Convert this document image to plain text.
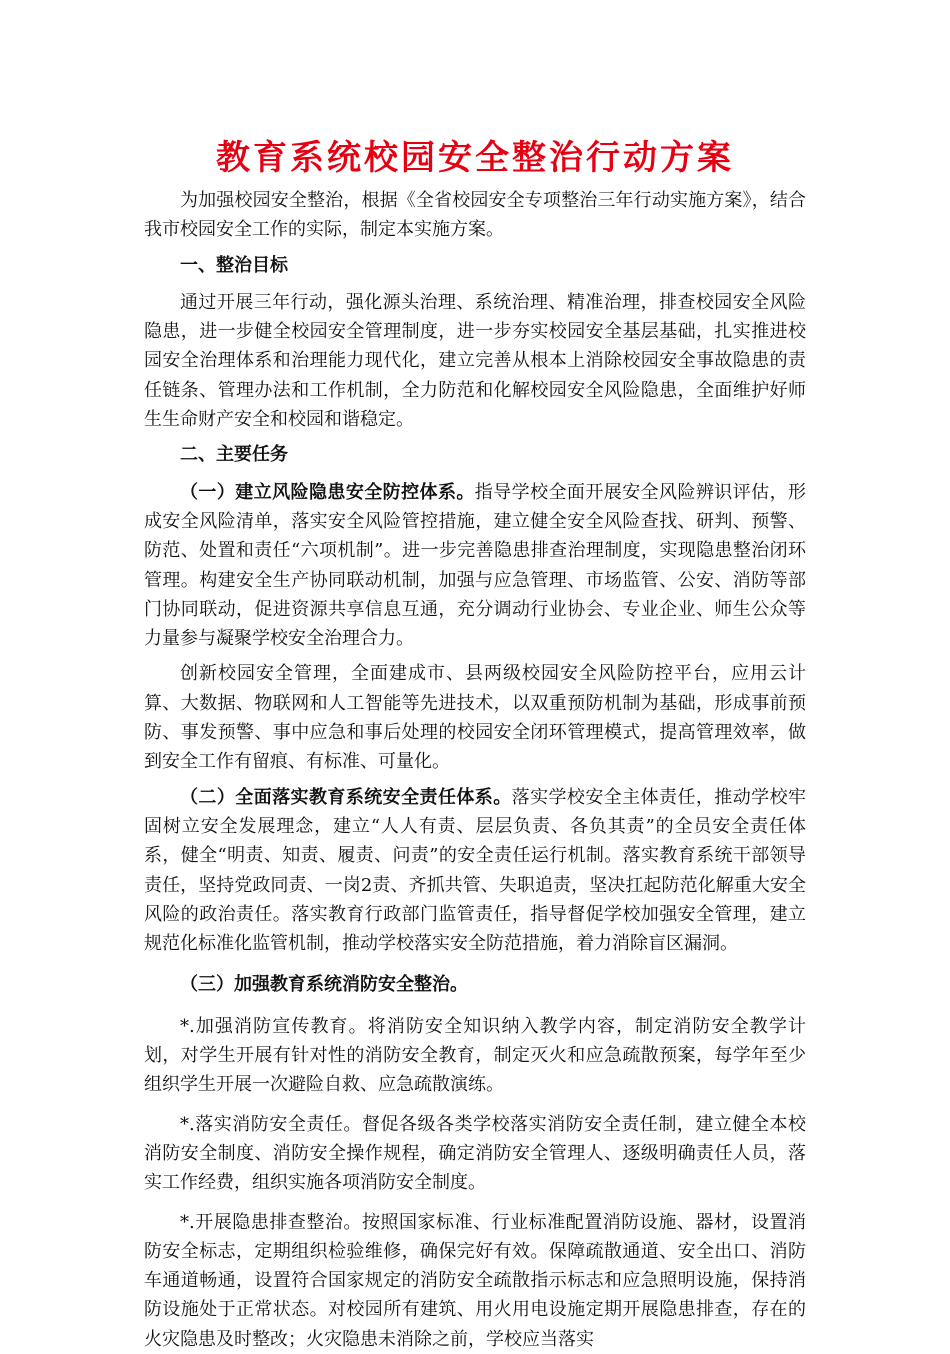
教育系统校园安全整治行动方案

为加强校园安全整治，根据《全省校园安全专项整治三年行动实施方案》，结合我市校园安全工作的实际，制定本实施方案。

一、整治目标

通过开展三年行动，强化源头治理、系统治理、精准治理，排查校园安全风险隐患，进一步健全校园安全管理制度，进一步夯实校园安全基层基础，扎实推进校园安全治理体系和治理能力现代化，建立完善从根本上消除校园安全事故隐患的责任链条、管理办法和工作机制，全力防范和化解校园安全风险隐患，全面维护好师生生命财产安全和校园和谐稳定。

二、主要任务

（一）建立风险隐患安全防控体系。指导学校全面开展安全风险辨识评估，形成安全风险清单，落实安全风险管控措施，建立健全安全风险查找、研判、预警、防范、处置和责任“六项机制”。进一步完善隐患排查治理制度，实现隐患整治闭环管理。构建安全生产协同联动机制，加强与应急管理、市场监管、公安、消防等部门协同联动，促进资源共享信息互通，充分调动行业协会、专业企业、师生公众等力量参与凝聚学校安全治理合力。

创新校园安全管理，全面建成市、县两级校园安全风险防控平台，应用云计算、大数据、物联网和人工智能等先进技术，以双重预防机制为基础，形成事前预防、事发预警、事中应急和事后处理的校园安全闭环管理模式，提高管理效率，做到安全工作有留痕、有标准、可量化。

（二）全面落实教育系统安全责任体系。落实学校安全主体责任，推动学校牢固树立安全发展理念，建立“人人有责、层层负责、各负其责”的全员安全责任体系，健全“明责、知责、履责、问责”的安全责任运行机制。落实教育系统干部领导责任，坚持党政同责、一岗2责、齐抓共管、失职追责，坚决扛起防范化解重大安全风险的政治责任。落实教育行政部门监管责任，指导督促学校加强安全管理，建立规范化标准化监管机制，推动学校落实安全防范措施，着力消除盲区漏洞。

（三）加强教育系统消防安全整治。

*.加强消防宣传教育。将消防安全知识纳入教学内容，制定消防安全教学计划，对学生开展有针对性的消防安全教育，制定灭火和应急疏散预案，每学年至少组织学生开展一次避险自救、应急疏散演练。

*.落实消防安全责任。督促各级各类学校落实消防安全责任制，建立健全本校消防安全制度、消防安全操作规程，确定消防安全管理人、逐级明确责任人员，落实工作经费，组织实施各项消防安全制度。

*.开展隐患排查整治。按照国家标准、行业标准配置消防设施、器材，设置消防安全标志，定期组织检验维修，确保完好有效。保障疏散通道、安全出口、消防车通道畅通，设置符合国家规定的消防安全疏散指示标志和应急照明设施，保持消防设施处于正常状态。对校园所有建筑、用火用电设施定期开展隐患排查，存在的火灾隐患及时整改；火灾隐患未消除之前，学校应当落实
